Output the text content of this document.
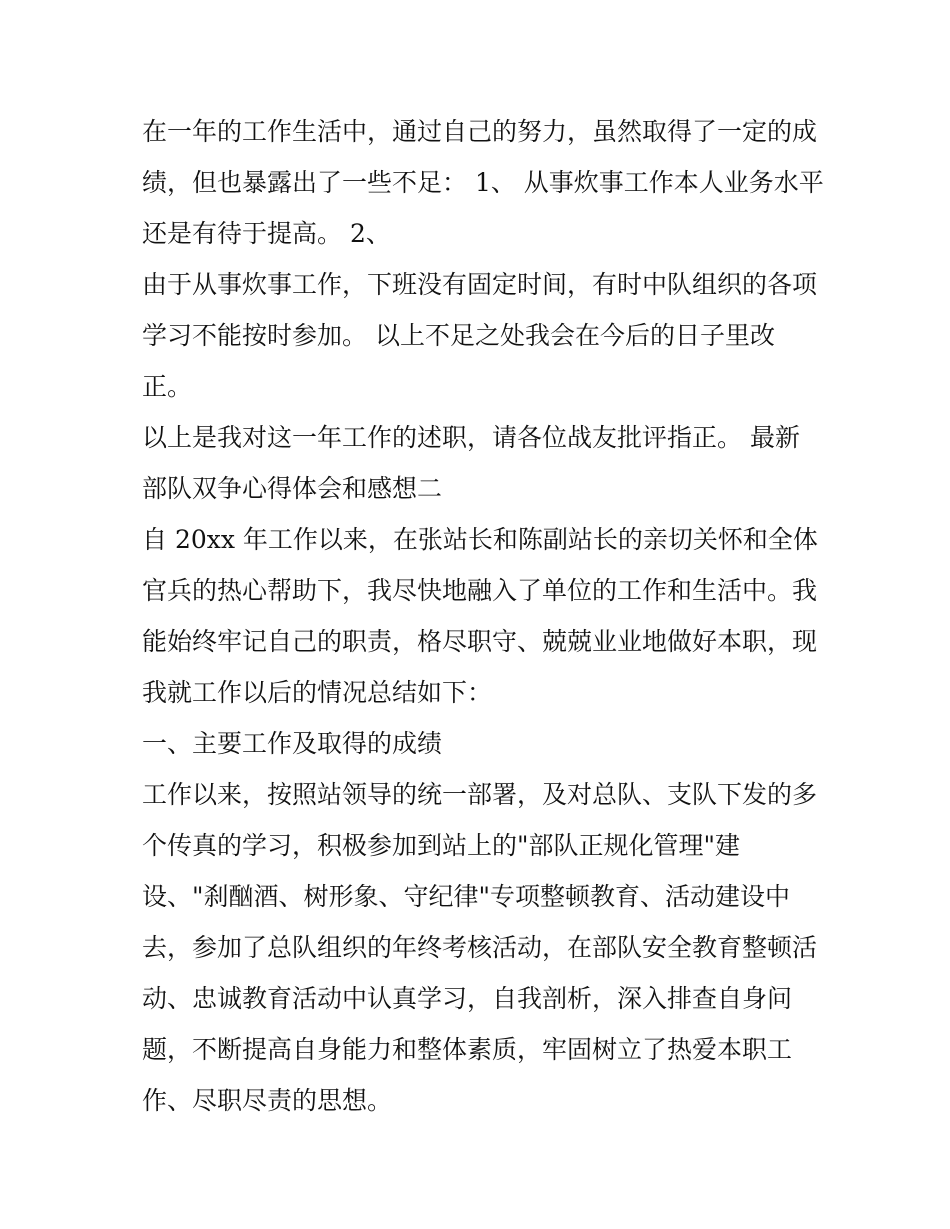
在一年的工作生活中，通过自己的努力，虽然取得了一定的成
绩，但也暴露出了一些不足： 1、 从事炊事工作本人业务水平
还是有待于提高。 2、
由于从事炊事工作，下班没有固定时间，有时中队组织的各项
学习不能按时参加。 以上不足之处我会在今后的日子里改
正。
以上是我对这一年工作的述职，请各位战友批评指正。 最新
部队双争心得体会和感想二
自 20xx 年工作以来，在张站长和陈副站长的亲切关怀和全体
官兵的热心帮助下，我尽快地融入了单位的工作和生活中。我
能始终牢记自己的职责，格尽职守、兢兢业业地做好本职，现
我就工作以后的情况总结如下：
一、主要工作及取得的成绩
工作以来，按照站领导的统一部署，及对总队、支队下发的多
个传真的学习，积极参加到站上的"部队正规化管理"建
设、"刹酗酒、树形象、守纪律"专项整顿教育、活动建设中
去，参加了总队组织的年终考核活动，在部队安全教育整顿活
动、忠诚教育活动中认真学习，自我剖析，深入排查自身问
题，不断提高自身能力和整体素质，牢固树立了热爱本职工
作、尽职尽责的思想。
